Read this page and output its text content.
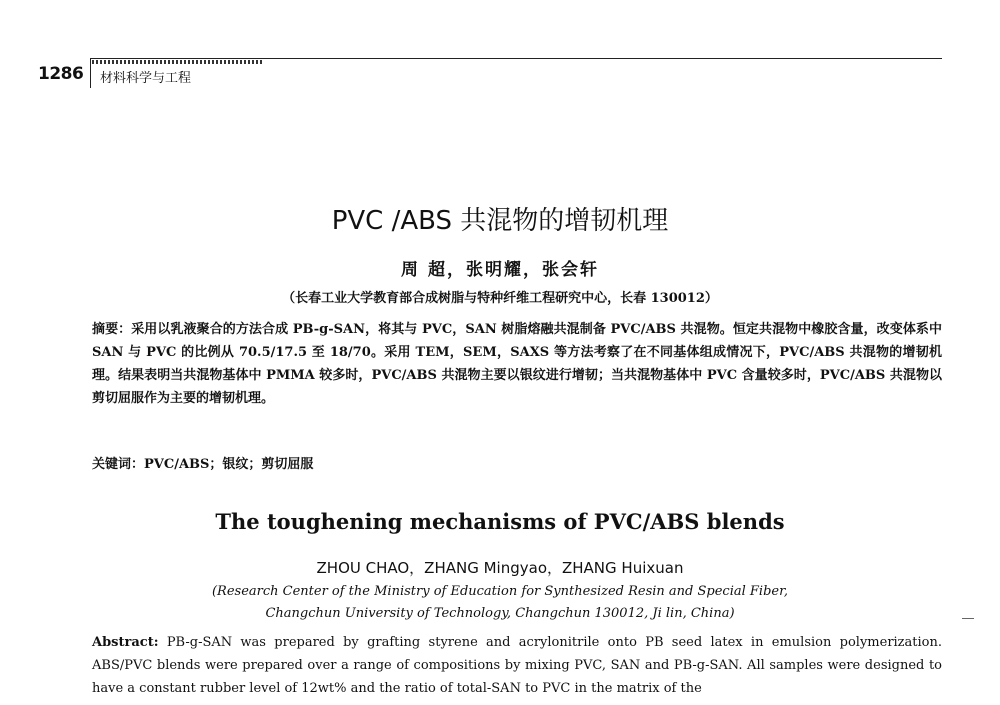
1286 材料科学与工程
PVC /ABS 共混物的增韧机理
周 超，张明耀，张会轩
（长春工业大学教育部合成树脂与特种纤维工程研究中心，长春 130012）
摘要：采用以乳液聚合的方法合成 PB-g-SAN，将其与 PVC，SAN 树脂熔融共混制备 PVC/ABS 共混物。恒定共混物中橡胶含量，改变体系中 SAN 与 PVC 的比例从 70.5/17.5 至 18/70。采用 TEM，SEM，SAXS 等方法考察了在不同基体组成情况下，PVC/ABS 共混物的增韧机理。结果表明当共混物基体中 PMMA 较多时，PVC/ABS 共混物主要以银纹进行增韧；当共混物基体中 PVC 含量较多时，PVC/ABS 共混物以剪切屈服作为主要的增韧机理。
关键词：PVC/ABS；银纹；剪切屈服
The toughening mechanisms of PVC/ABS blends
ZHOU CHAO，ZHANG Mingyao，ZHANG Huixuan
(Research Center of the Ministry of Education for Synthesized Resin and Special Fiber,
Changchun University of Technology, Changchun 130012, Ji lin, China)
Abstract: PB-g-SAN was prepared by grafting styrene and acrylonitrile onto PB seed latex in emulsion polymerization. ABS/PVC blends were prepared over a range of compositions by mixing PVC, SAN and PB-g-SAN. All samples were designed to have a constant rubber level of 12wt% and the ratio of total-SAN to PVC in the matrix of the
